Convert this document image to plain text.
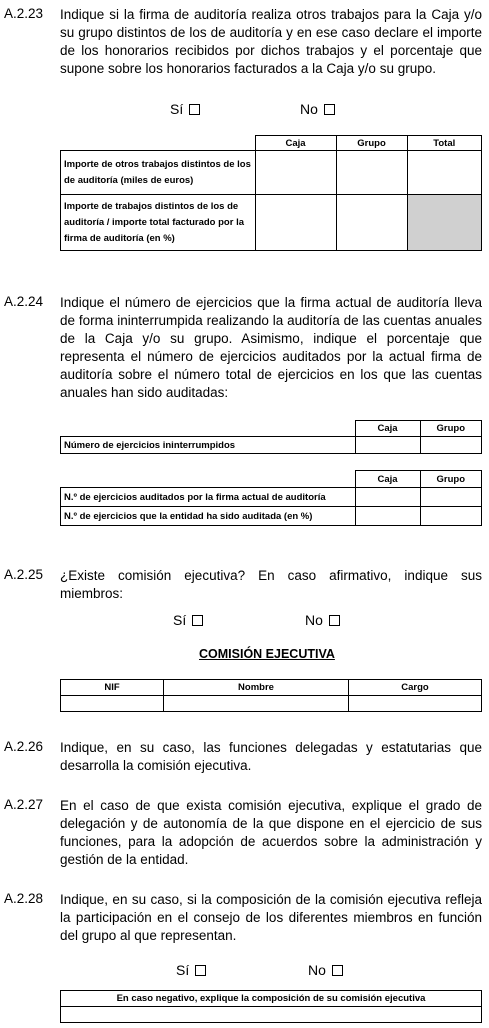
A.2.23 Indique si la firma de auditoría realiza otros trabajos para la Caja y/o su grupo distintos de los de auditoría y en ese caso declare el importe de los honorarios recibidos por dichos trabajos y el porcentaje que supone sobre los honorarios facturados a la Caja y/o su grupo.
Sí	No
	Caja	Grupo	Total
Importe de otros trabajos distintos de los de auditoría (miles de euros)			
Importe de trabajos distintos de los de auditoría / importe total facturado por la firma de auditoría (en %)			
A.2.24 Indique el número de ejercicios que la firma actual de auditoría lleva de forma ininterrumpida realizando la auditoría de las cuentas anuales de la Caja y/o su grupo. Asimismo, indique el porcentaje que representa el número de ejercicios auditados por la actual firma de auditoría sobre el número total de ejercicios en los que las cuentas anuales han sido auditadas:
	Caja	Grupo
Número de ejercicios ininterrumpidos		
	Caja	Grupo
N.º de ejercicios auditados por la firma actual de auditoría		
N.º de ejercicios que la entidad ha sido auditada (en %)		
A.2.25 ¿Existe comisión ejecutiva? En caso afirmativo, indique sus miembros:
Sí	No
COMISIÓN EJECUTIVA
NIF	Nombre	Cargo

A.2.26 Indique, en su caso, las funciones delegadas y estatutarias que desarrolla la comisión ejecutiva.
A.2.27 En el caso de que exista comisión ejecutiva, explique el grado de delegación y de autonomía de la que dispone en el ejercicio de sus funciones, para la adopción de acuerdos sobre la administración y gestión de la entidad.
A.2.28 Indique, en su caso, si la composición de la comisión ejecutiva refleja la participación en el consejo de los diferentes miembros en función del grupo al que representan.
Sí	No
En caso negativo, explique la composición de su comisión ejecutiva
